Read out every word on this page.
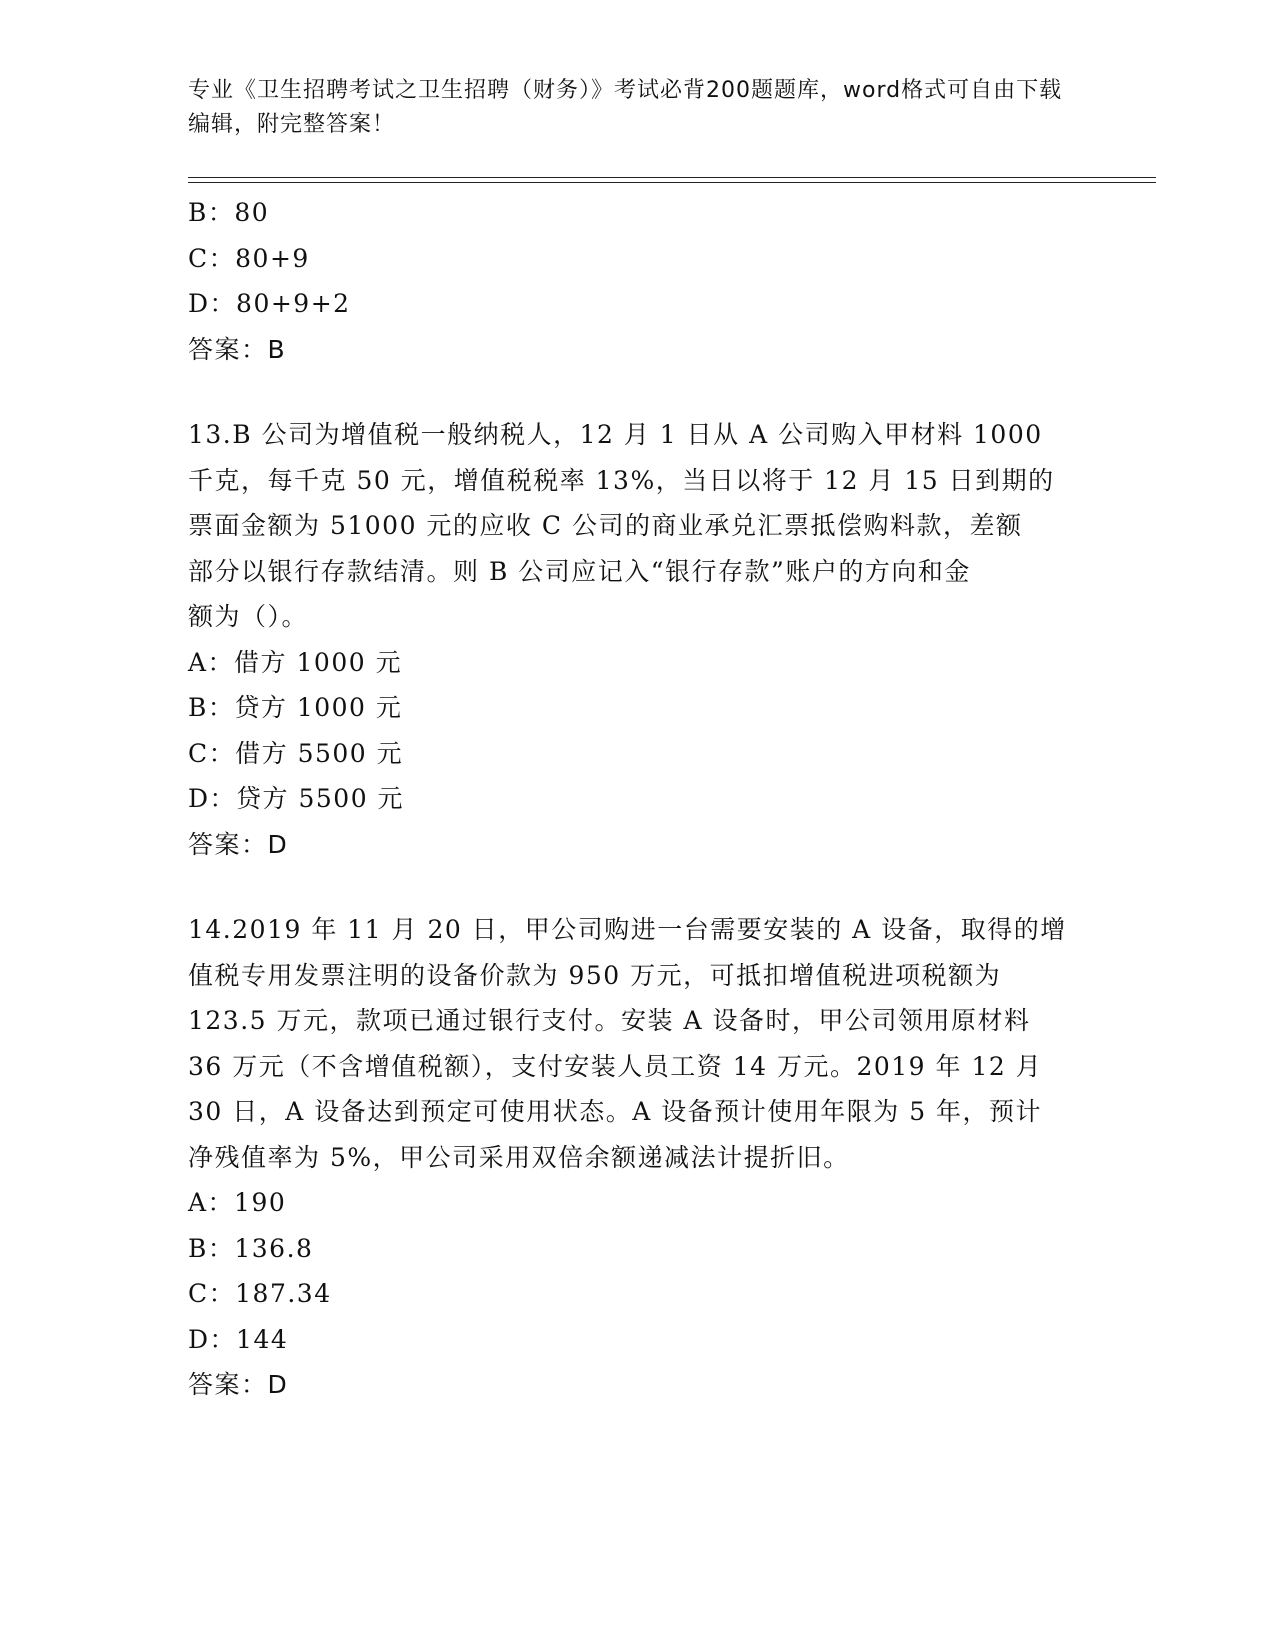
专业《卫生招聘考试之卫生招聘（财务）》考试必背200题题库，word格式可自由下载编辑，附完整答案！
B：80
C：80+9
D：80+9+2
答案：B
13.B 公司为增值税一般纳税人，12 月 1 日从 A 公司购入甲材料 1000
千克，每千克 50 元，增值税税率 13%，当日以将于 12 月 15 日到期的
票面金额为 51000 元的应收 C 公司的商业承兑汇票抵偿购料款，差额
部分以银行存款结清。则 B 公司应记入“银行存款”账户的方向和金
额为（）。
A：借方 1000 元
B：贷方 1000 元
C：借方 5500 元
D：贷方 5500 元
答案：D
14.2019 年 11 月 20 日，甲公司购进一台需要安装的 A 设备，取得的增
值税专用发票注明的设备价款为 950 万元，可抵扣增值税进项税额为
123.5 万元，款项已通过银行支付。安装 A 设备时，甲公司领用原材料
36 万元（不含增值税额），支付安装人员工资 14 万元。2019 年 12 月
30 日，A 设备达到预定可使用状态。A 设备预计使用年限为 5 年，预计
净残值率为 5%，甲公司采用双倍余额递减法计提折旧。
A：190
B：136.8
C：187.34
D：144
答案：D
